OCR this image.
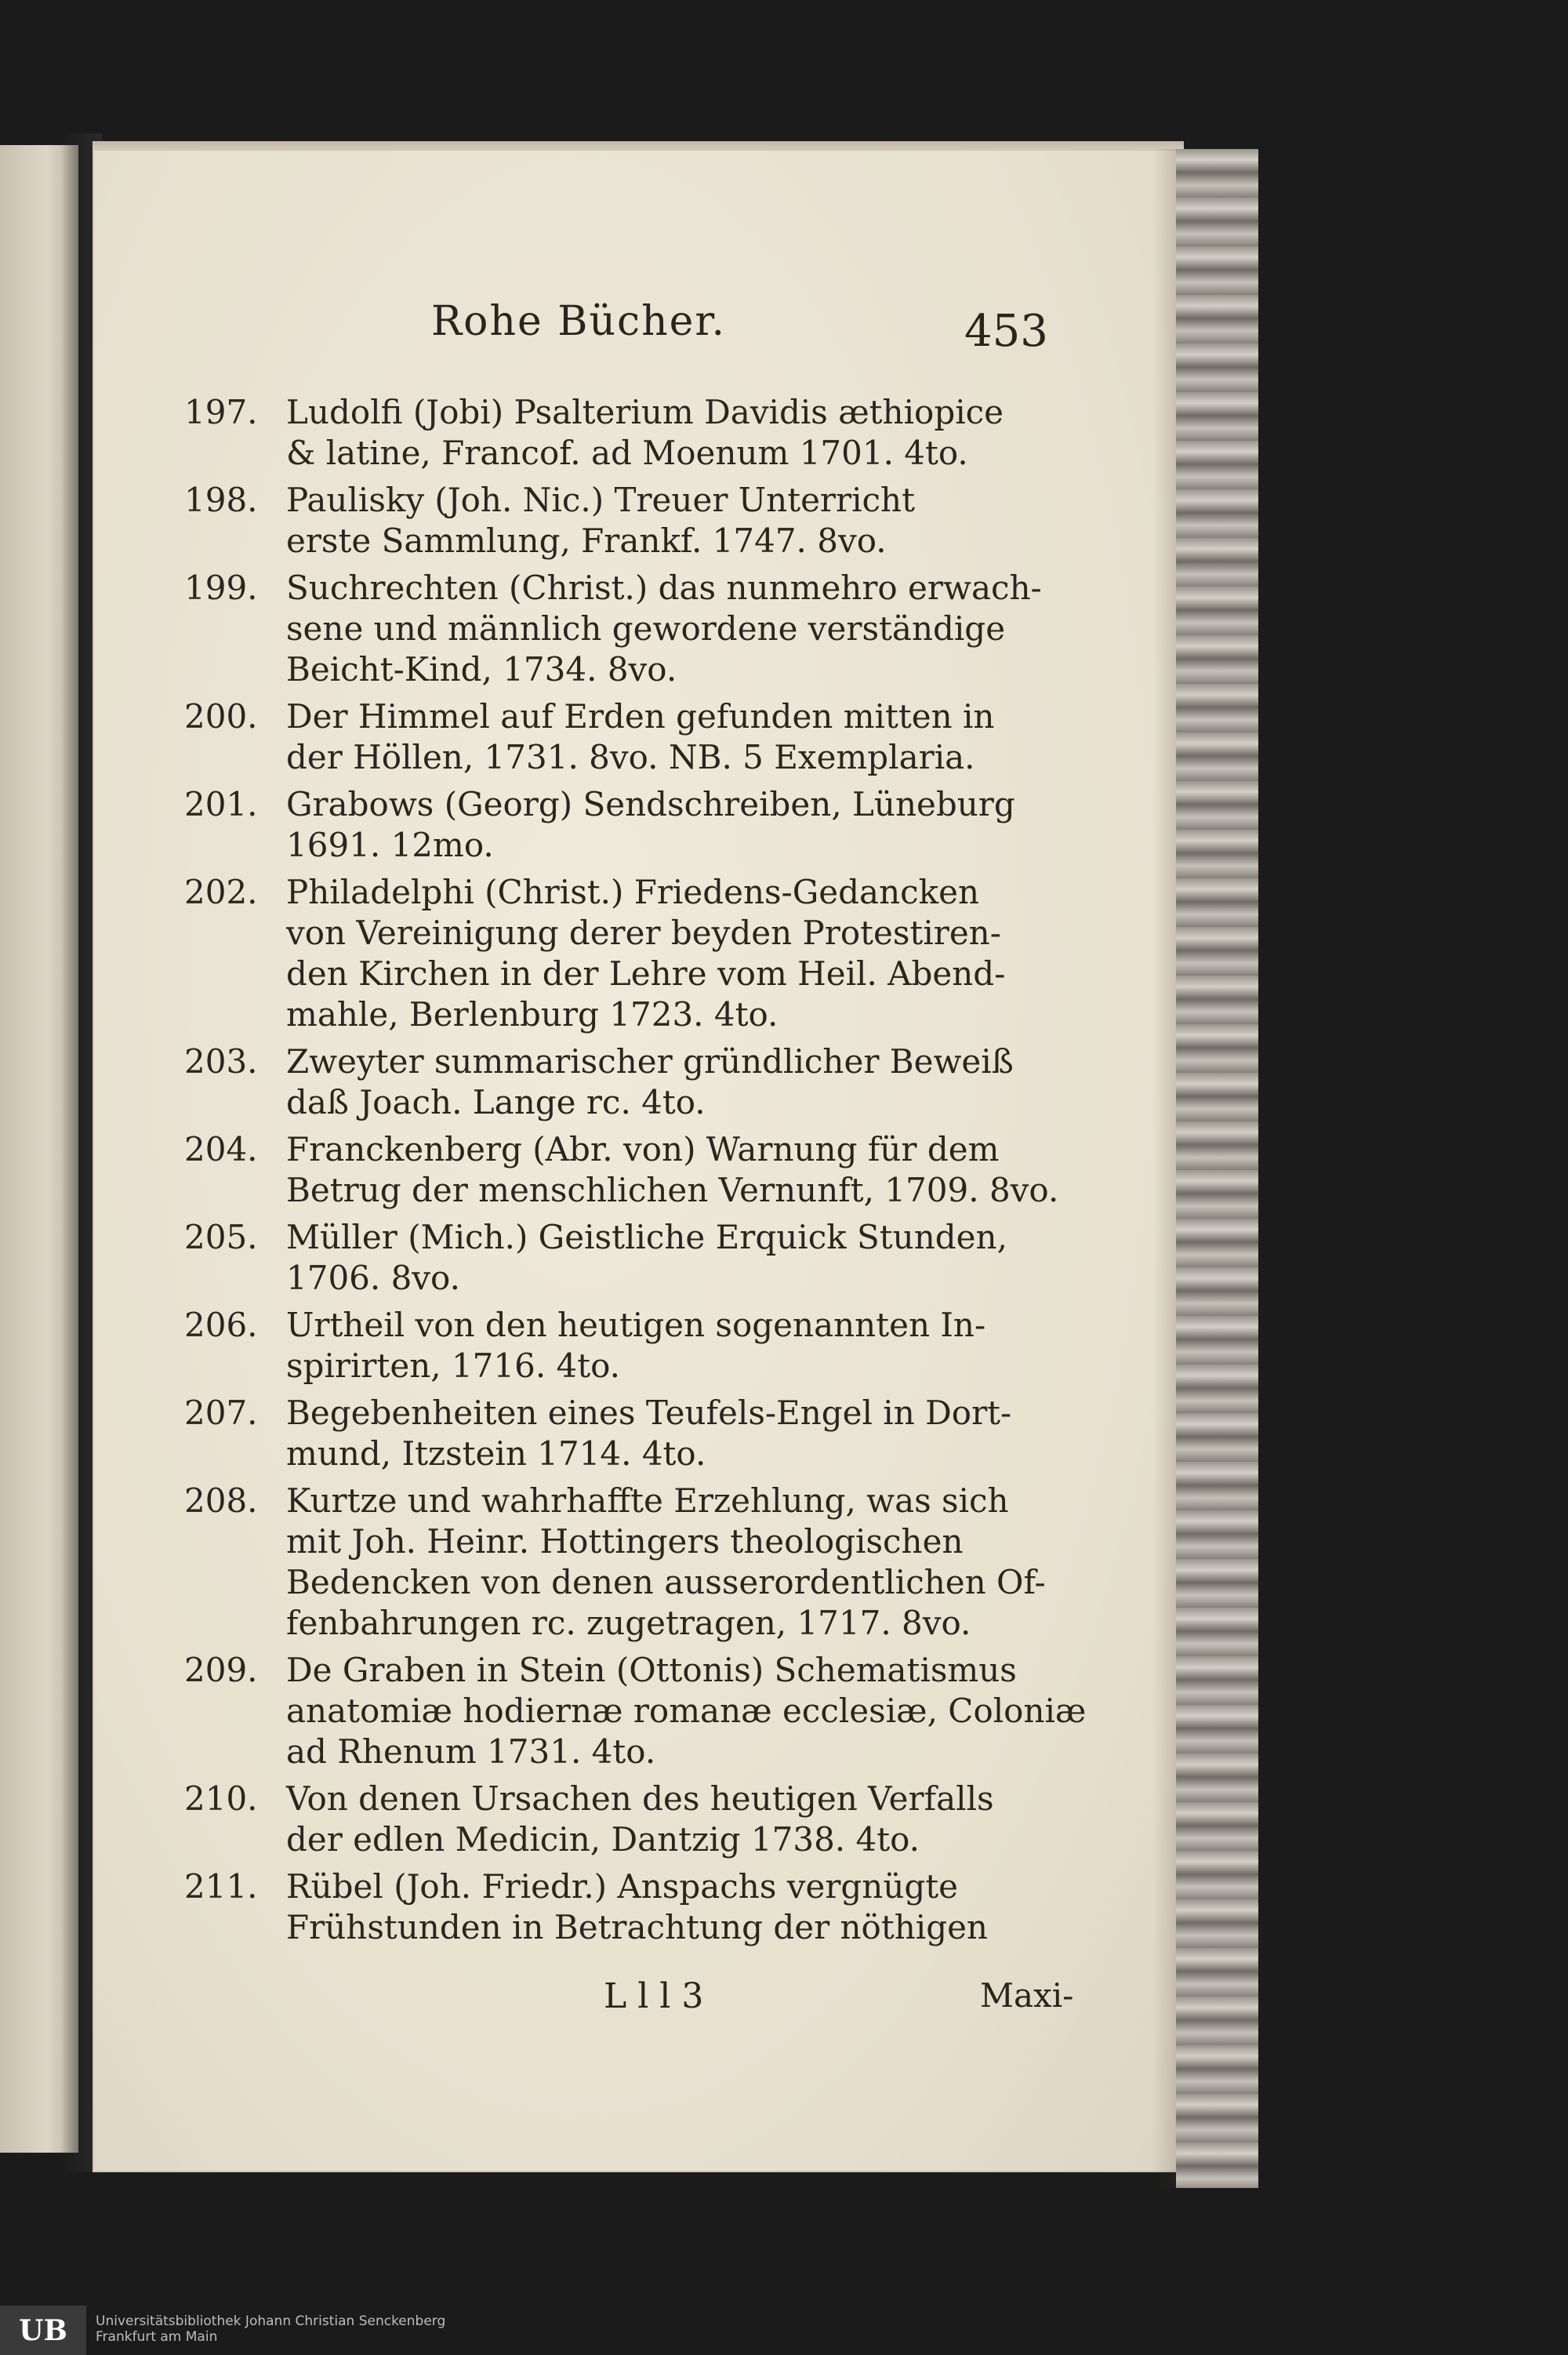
Rohe Bücher.	453
197. Ludolfi (Jobi) Psalterium Davidis æthiopice
& latine, Francof. ad Moenum 1701. 4to.
198. Paulisky (Joh. Nic.) Treuer Unterricht
erste Sammlung, Frankf. 1747. 8vo.
199. Suchrechten (Christ.) das nunmehro erwach-
sene und männlich gewordene verständige
Beicht-Kind, 1734. 8vo.
200. Der Himmel auf Erden gefunden mitten in
der Höllen, 1731. 8vo. NB. 5 Exemplaria.
201. Grabows (Georg) Sendschreiben, Lüneburg
1691. 12mo.
202. Philadelphi (Christ.) Friedens-Gedancken
von Vereinigung derer beyden Protestiren-
den Kirchen in der Lehre vom Heil. Abend-
mahle, Berlenburg 1723. 4to.
203. Zweyter summarischer gründlicher Beweiß
daß Joach. Lange rc. 4to.
204. Franckenberg (Abr. von) Warnung für dem
Betrug der menschlichen Vernunft, 1709. 8vo.
205. Müller (Mich.) Geistliche Erquick Stunden,
1706. 8vo.
206. Urtheil von den heutigen sogenannten In-
spirirten, 1716. 4to.
207. Begebenheiten eines Teufels-Engel in Dort-
mund, Itzstein 1714. 4to.
208. Kurtze und wahrhaffte Erzehlung, was sich
mit Joh. Heinr. Hottingers theologischen
Bedencken von denen ausserordentlichen Of-
fenbahrungen rc. zugetragen, 1717. 8vo.
209. De Graben in Stein (Ottonis) Schematismus
anatomiæ hodiernæ romanæ ecclesiæ, Coloniæ
ad Rhenum 1731. 4to.
210. Von denen Ursachen des heutigen Verfalls
der edlen Medicin, Dantzig 1738. 4to.
211. Rübel (Joh. Friedr.) Anspachs vergnügte
Frühstunden in Betrachtung der nöthigen
L l l 3	Maxi-
UB	Universitätsbibliothek Johann Christian Senckenberg
Frankfurt am Main
